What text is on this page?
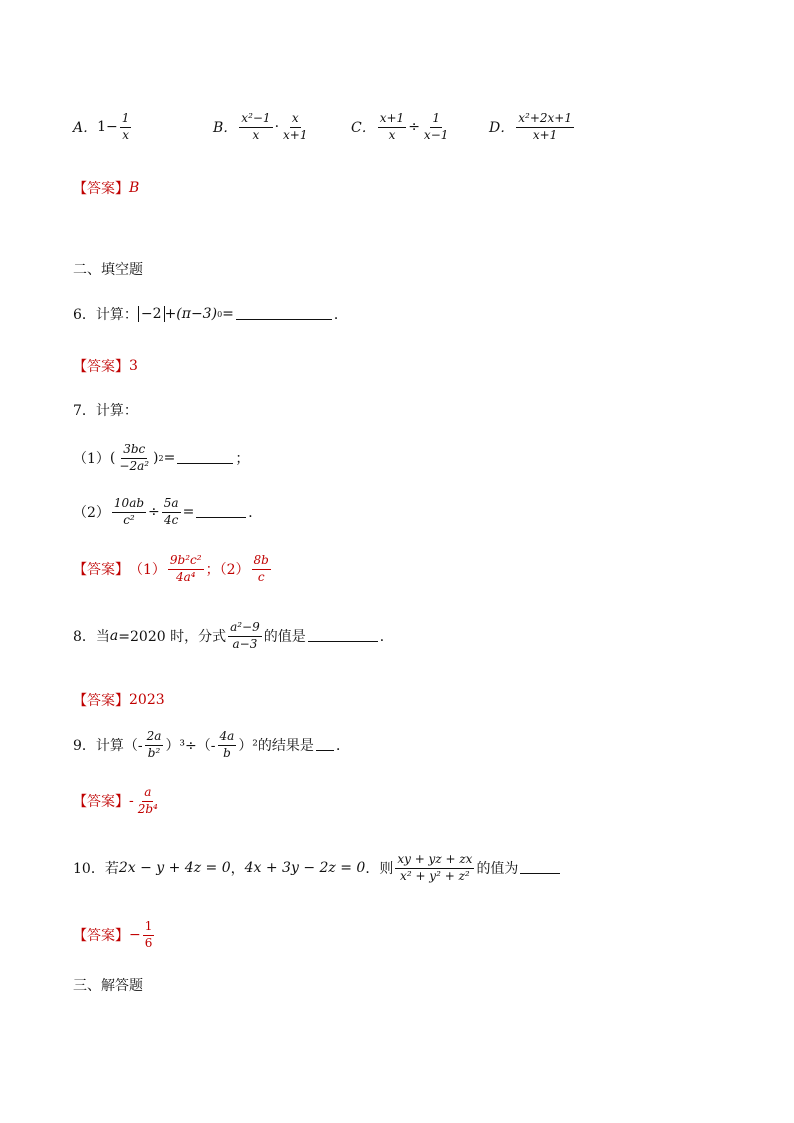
A． $1- \frac{1}{x}$	B． $\frac{\text{x²−1}}{x} \cdot \frac{x}{x+1}$	C． $\frac{x+1}{x} \div \frac{1}{x-1}$	D． $\frac{\text{x²+2x+1}}{x+1}$
【答案】 B
二、填空题
6．计算： −2 +(π−3) 0 =	．
【答案】 3
7．计算：
（1） ( $\frac{3bc}{\text{−2a²}}$ ) 2 =	；
$(2) \frac{10ab}{\text{c²}} \div \frac{5a}{4c}$ =	．
【答案】 $(1) \frac{\text{9b²c²}}{\text{4a⁴}}$ ；$(2) \frac{8b}{c}$
8．当 a =2020 时，分式 $\frac{\text{a²−9}}{a-3}$ 的值是	．
【答案】 2023
9．计算（- $\frac{2a}{\text{b²}} )^3\div(- \frac{4a}{b} )^2$的结果是 ．
【答案】 - $\frac{a}{\text{2b⁴}}$
10．若 2x − y + 4z = 0 ， 4x + 3y − 2z = 0 ．则 $\frac{xy + yz + zx}{\text{x² + y² + z²}}$ 的值为
【答案】 − $\frac{1}{6}$
三、解答题
